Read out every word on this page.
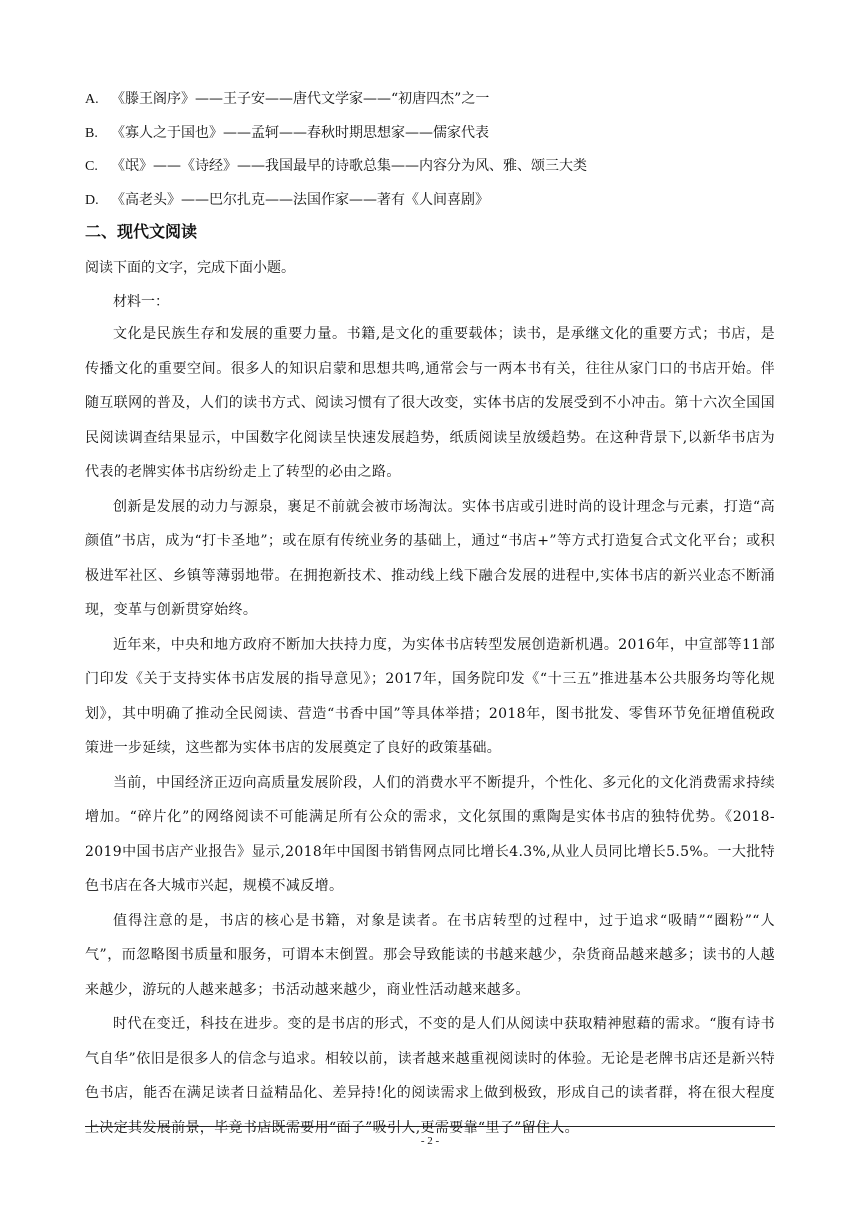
A. 《滕王阁序》——王子安——唐代文学家——“初唐四杰”之一
B. 《寡人之于国也》——孟轲——春秋时期思想家——儒家代表
C. 《氓》——《诗经》——我国最早的诗歌总集——内容分为风、雅、颂三大类
D. 《高老头》——巴尔扎克——法国作家——著有《人间喜剧》
二、现代文阅读
阅读下面的文字，完成下面小题。
材料一：

文化是民族生存和发展的重要力量。书籍,是文化的重要载体；读书，是承继文化的重要方式；书店，是传播文化的重要空间。很多人的知识启蒙和思想共鸣,通常会与一两本书有关，往往从家门口的书店开始。伴随互联网的普及，人们的读书方式、阅读习惯有了很大改变，实体书店的发展受到不小冲击。第十六次全国国民阅读调查结果显示，中国数字化阅读呈快速发展趋势，纸质阅读呈放缓趋势。在这种背景下,以新华书店为代表的老牌实体书店纷纷走上了转型的必由之路。

创新是发展的动力与源泉，裹足不前就会被市场淘汰。实体书店或引进时尚的设计理念与元素，打造“高颜值”书店，成为“打卡圣地”；或在原有传统业务的基础上，通过“书店+”等方式打造复合式文化平台；或积极进军社区、乡镇等薄弱地带。在拥抱新技术、推动线上线下融合发展的进程中,实体书店的新兴业态不断涌现，变革与创新贯穿始终。

近年来，中央和地方政府不断加大扶持力度，为实体书店转型发展创造新机遇。2016年，中宣部等11部门印发《关于支持实体书店发展的指导意见》；2017年，国务院印发《“十三五”推进基本公共服务均等化规划》，其中明确了推动全民阅读、营造“书香中国”等具体举措；2018年，图书批发、零售环节免征增值税政策进一步延续，这些都为实体书店的发展奠定了良好的政策基础。

当前，中国经济正迈向高质量发展阶段，人们的消费水平不断提升，个性化、多元化的文化消费需求持续增加。“碎片化”的网络阅读不可能满足所有公众的需求，文化氛围的熏陶是实体书店的独特优势。《2018-2019中国书店产业报告》显示,2018年中国图书销售网点同比增长4.3%,从业人员同比增长5.5%。一大批特色书店在各大城市兴起，规模不减反增。

值得注意的是，书店的核心是书籍，对象是读者。在书店转型的过程中，过于追求“吸睛”“圈粉”“人气”，而忽略图书质量和服务，可谓本末倒置。那会导致能读的书越来越少，杂货商品越来越多；读书的人越来越少，游玩的人越来越多；书活动越来越少，商业性活动越来越多。

时代在变迁，科技在进步。变的是书店的形式，不变的是人们从阅读中获取精神慰藉的需求。“腹有诗书气自华”依旧是很多人的信念与追求。相较以前，读者越来越重视阅读时的体验。无论是老牌书店还是新兴特色书店，能否在满足读者日益精品化、差异持!化的阅读需求上做到极致，形成自己的读者群，将在很大程度上决定其发展前景，毕竟书店既需要用“面子”吸引人,更需要靠“里子”留住人。

- 2 -
